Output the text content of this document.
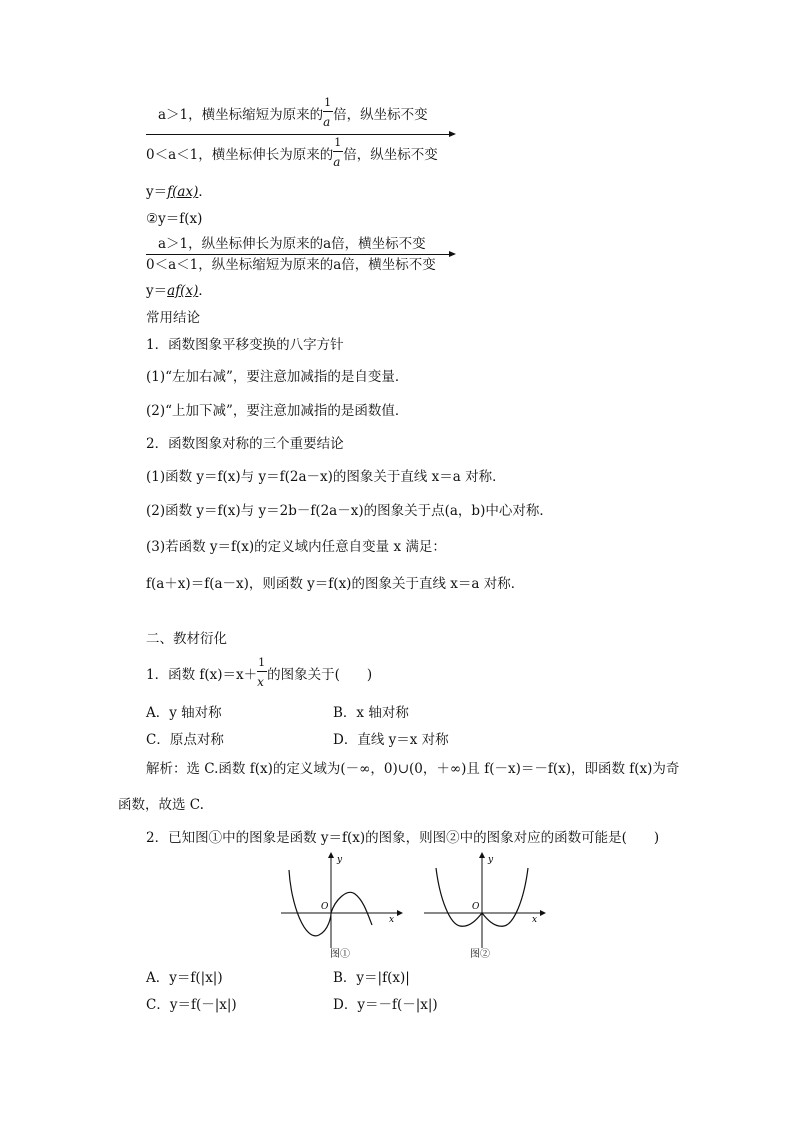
a＞1，横坐标缩短为原来的 $\frac{1}{a}$ 倍，纵坐标不变
0＜a＜1，横坐标伸长为原来的 $\frac{1}{a}$ 倍，纵坐标不变
y＝f(ax)．
②y＝f(x)
a＞1，纵坐标伸长为原来的a倍，横坐标不变
0＜a＜1，纵坐标缩短为原来的a倍，横坐标不变
y＝af(x)．
常用结论
1．函数图象平移变换的八字方针
(1)“左加右减”，要注意加减指的是自变量．
(2)“上加下减”，要注意加减指的是函数值．
2．函数图象对称的三个重要结论
(1)函数 y＝f(x)与 y＝f(2a－x)的图象关于直线 x＝a 对称．
(2)函数 y＝f(x)与 y＝2b－f(2a－x)的图象关于点(a，b)中心对称．
(3)若函数 y＝f(x)的定义域内任意自变量 x 满足：
f(a＋x)＝f(a－x)，则函数 y＝f(x)的图象关于直线 x＝a 对称．
二、教材衍化
1．函数 $f(x)=x+ \frac{1}{x}$ 的图象关于(　　)
A．y 轴对称	B．x 轴对称
C．原点对称	D．直线 y＝x 对称
解析：选 C.函数 f(x)的定义域为(－∞，0)∪(0，＋∞)且 f(－x)＝－f(x)，即函数 f(x)为奇
函数，故选 C.
2．已知图①中的图象是函数 y＝f(x)的图象，则图②中的图象对应的函数可能是(　　)
y
x
O
图①
y
x
O
图②
A．y＝f(|x|)	B．y＝|f(x)|
C．y＝f(－|x|)	D．y＝－f(－|x|)
